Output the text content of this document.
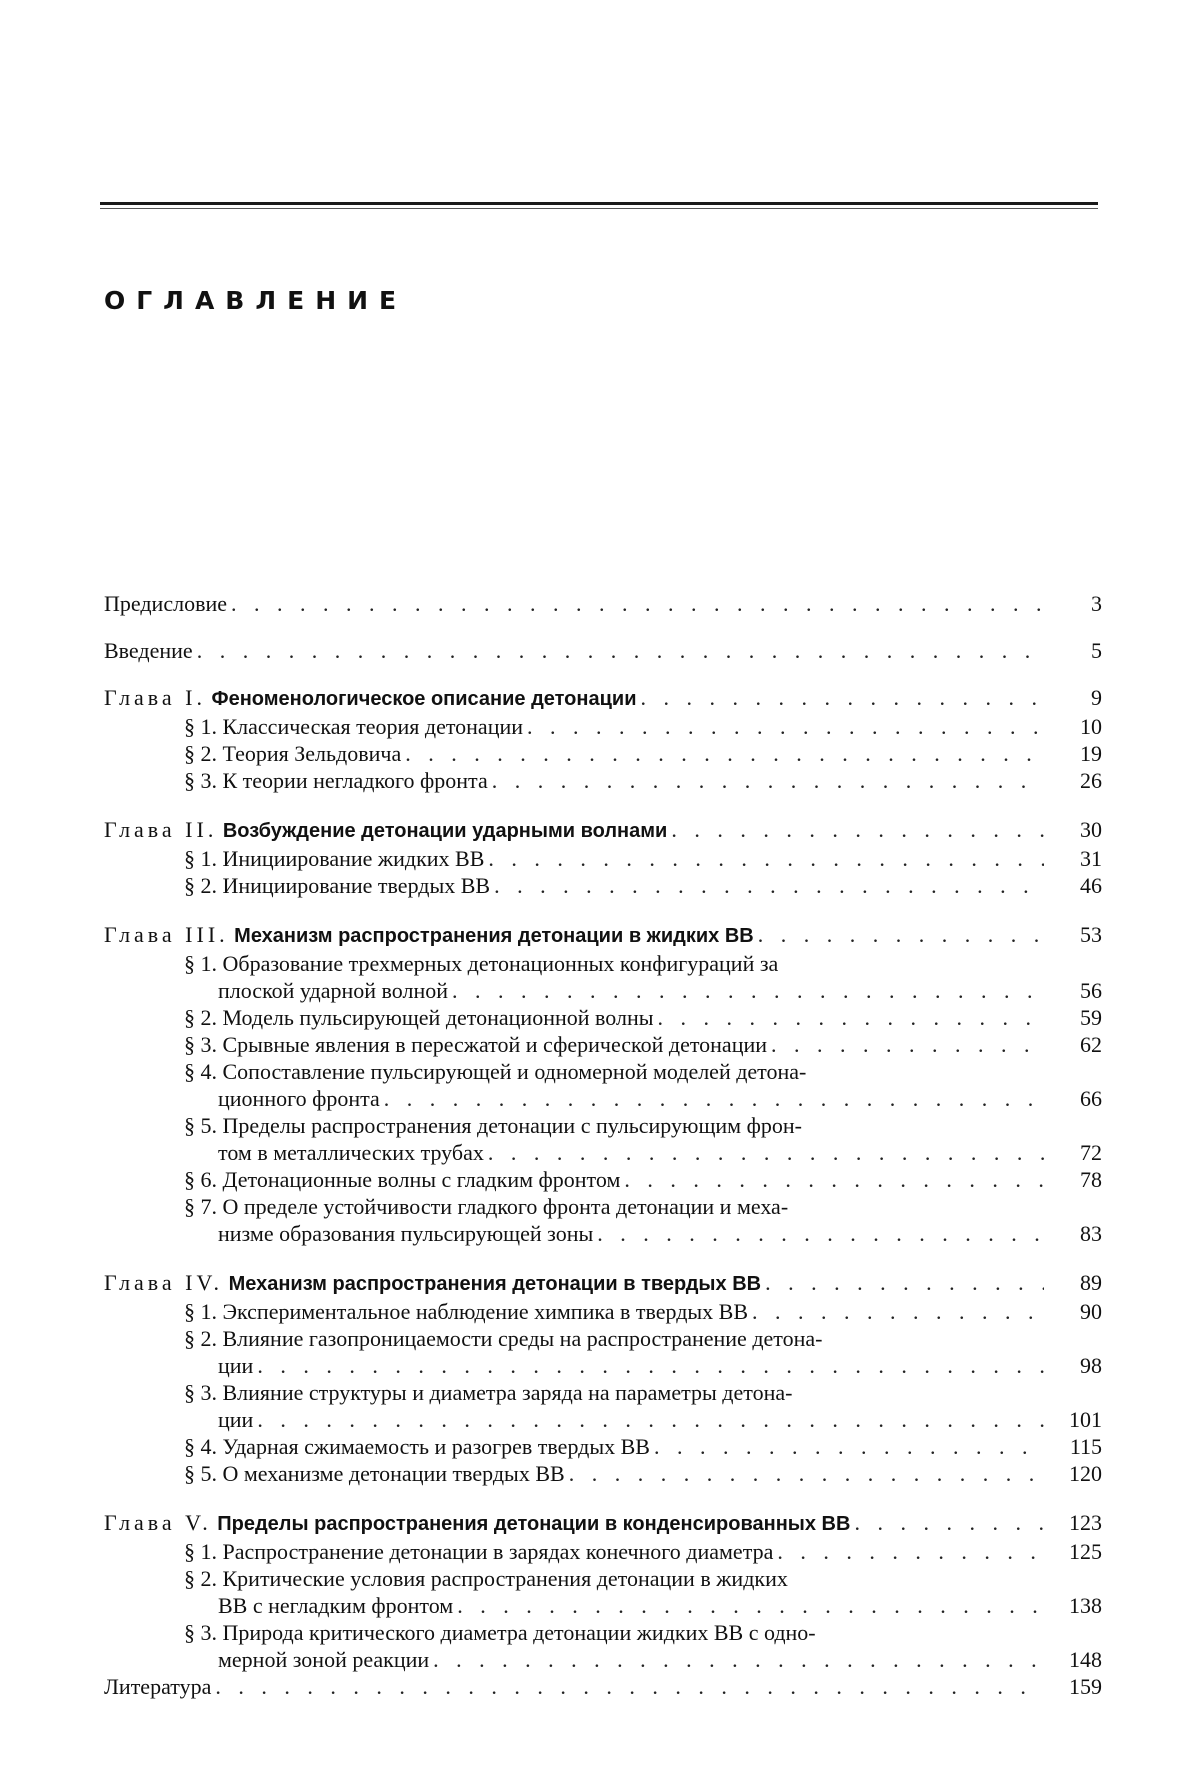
ОГЛАВЛЕНИЕ
Предисловие . . .	3
Введение . . .	5
Глава I. Феноменологическое описание детонации . . .	9
§ 1. Классическая теория детонации . . .	10
§ 2. Теория Зельдовича . . .	19
§ 3. К теории негладкого фронта . . .	26
Глава II. Возбуждение детонации ударными волнами . . .	30
§ 1. Инициирование жидких ВВ . . .	31
§ 2. Инициирование твердых ВВ . . .	46
Глава III. Механизм распространения детонации в жидких ВВ . . .	53
§ 1. Образование трехмерных детонационных конфигураций за
плоской ударной волной . . .	56
§ 2. Модель пульсирующей детонационной волны . . .	59
§ 3. Срывные явления в пересжатой и сферической детонации . . .	62
§ 4. Сопоставление пульсирующей и одномерной моделей детона-
ционного фронта . . .	66
§ 5. Пределы распространения детонации с пульсирующим фрон-
том в металлических трубах . . .	72
§ 6. Детонационные волны с гладким фронтом . . .	78
§ 7. О пределе устойчивости гладкого фронта детонации и меха-
низме образования пульсирующей зоны . . .	83
Глава IV. Механизм распространения детонации в твердых ВВ . . .	89
§ 1. Экспериментальное наблюдение химпика в твердых ВВ . . .	90
§ 2. Влияние газопроницаемости среды на распространение детона-
ции . . .	98
§ 3. Влияние структуры и диаметра заряда на параметры детона-
ции . . .	101
§ 4. Ударная сжимаемость и разогрев твердых ВВ . . .	115
§ 5. О механизме детонации твердых ВВ . . .	120
Глава V. Пределы распространения детонации в конденсированных ВВ . . .	123
§ 1. Распространение детонации в зарядах конечного диаметра . . .	125
§ 2. Критические условия распространения детонации в жидких
ВВ с негладким фронтом . . .	138
§ 3. Природа критического диаметра детонации жидких ВВ с одно-
мерной зоной реакции . . .	148
Литература . . .	159
